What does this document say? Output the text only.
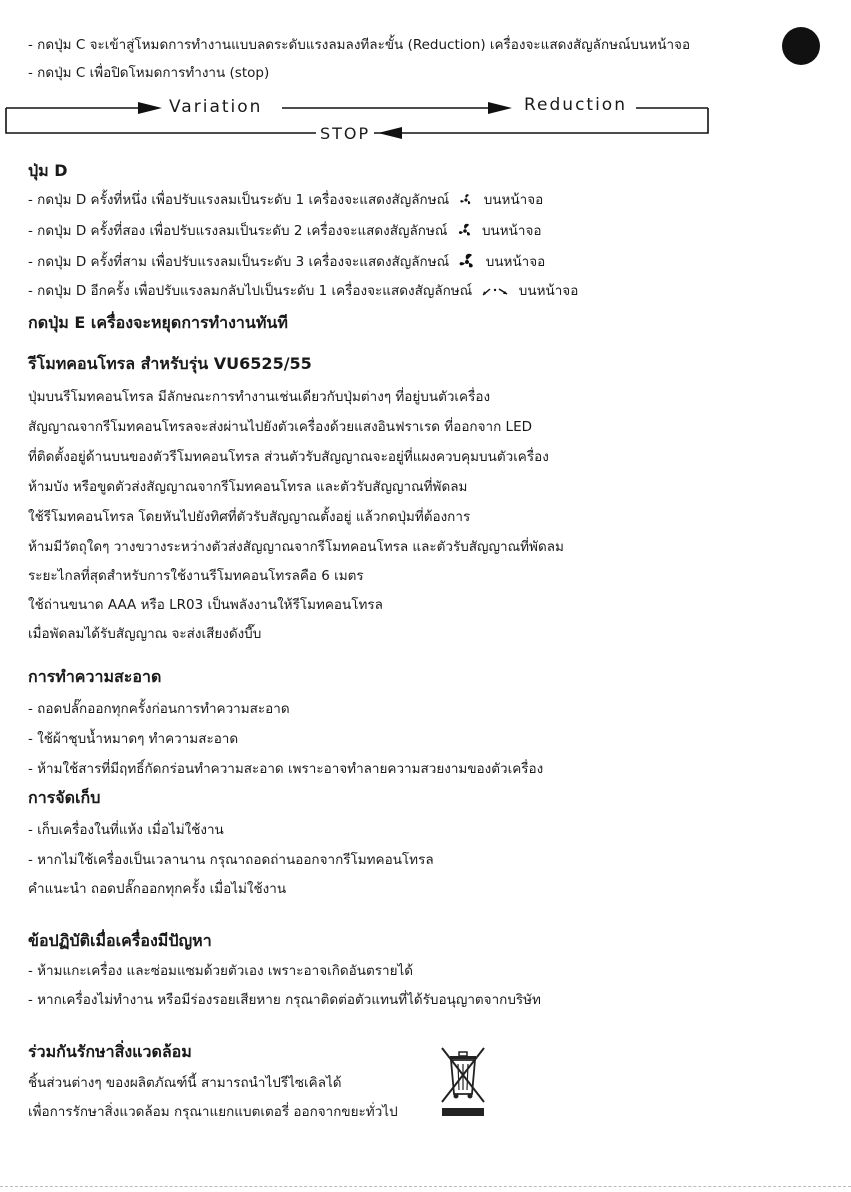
- กดปุ่ม C จะเข้าสู่โหมดการทำงานแบบลดระดับแรงลมลงทีละขั้น (Reduction) เครื่องจะแสดงสัญลักษณ์บนหน้าจอ
- กดปุ่ม C เพื่อปิดโหมดการทำงาน (stop)
Variation	Reduction
STOP
ปุ่ม D
- กดปุ่ม D ครั้งที่หนึ่ง เพื่อปรับแรงลมเป็นระดับ 1 เครื่องจะแสดงสัญลักษณ์	บนหน้าจอ
- กดปุ่ม D ครั้งที่สอง เพื่อปรับแรงลมเป็นระดับ 2 เครื่องจะแสดงสัญลักษณ์	บนหน้าจอ
- กดปุ่ม D ครั้งที่สาม เพื่อปรับแรงลมเป็นระดับ 3 เครื่องจะแสดงสัญลักษณ์	บนหน้าจอ
- กดปุ่ม D อีกครั้ง เพื่อปรับแรงลมกลับไปเป็นระดับ 1 เครื่องจะแสดงสัญลักษณ์	บนหน้าจอ
กดปุ่ม E เครื่องจะหยุดการทำงานทันที
รีโมทคอนโทรล สำหรับรุ่น VU6525/55
ปุ่มบนรีโมทคอนโทรล มีลักษณะการทำงานเช่นเดียวกับปุ่มต่างๆ ที่อยู่บนตัวเครื่อง
สัญญาณจากรีโมทคอนโทรลจะส่งผ่านไปยังตัวเครื่องด้วยแสงอินฟราเรด ที่ออกจาก LED
ที่ติดตั้งอยู่ด้านบนของตัวรีโมทคอนโทรล ส่วนตัวรับสัญญาณจะอยู่ที่แผงควบคุมบนตัวเครื่อง
ห้ามบัง หรือขูดตัวส่งสัญญาณจากรีโมทคอนโทรล และตัวรับสัญญาณที่พัดลม
ใช้รีโมทคอนโทรล โดยหันไปยังทิศที่ตัวรับสัญญาณตั้งอยู่ แล้วกดปุ่มที่ต้องการ
ห้ามมีวัตถุใดๆ วางขวางระหว่างตัวส่งสัญญาณจากรีโมทคอนโทรล และตัวรับสัญญาณที่พัดลม
ระยะไกลที่สุดสำหรับการใช้งานรีโมทคอนโทรลคือ 6 เมตร
ใช้ถ่านขนาด AAA หรือ LR03 เป็นพลังงานให้รีโมทคอนโทรล
เมื่อพัดลมได้รับสัญญาณ จะส่งเสียงดังบี๊บ
การทำความสะอาด
- ถอดปลั๊กออกทุกครั้งก่อนการทำความสะอาด
- ใช้ผ้าชุบน้ำหมาดๆ ทำความสะอาด
- ห้ามใช้สารที่มีฤทธิ์กัดกร่อนทำความสะอาด เพราะอาจทำลายความสวยงามของตัวเครื่อง
การจัดเก็บ
- เก็บเครื่องในที่แห้ง เมื่อไม่ใช้งาน
- หากไม่ใช้เครื่องเป็นเวลานาน กรุณาถอดถ่านออกจากรีโมทคอนโทรล
คำแนะนำ ถอดปลั๊กออกทุกครั้ง เมื่อไม่ใช้งาน
ข้อปฏิบัติเมื่อเครื่องมีปัญหา
- ห้ามแกะเครื่อง และซ่อมแซมด้วยตัวเอง เพราะอาจเกิดอันตรายได้
- หากเครื่องไม่ทำงาน หรือมีร่องรอยเสียหาย กรุณาติดต่อตัวแทนที่ได้รับอนุญาตจากบริษัท
ร่วมกันรักษาสิ่งแวดล้อม
ชิ้นส่วนต่างๆ ของผลิตภัณฑ์นี้ สามารถนำไปรีไซเคิลได้
เพื่อการรักษาสิ่งแวดล้อม กรุณาแยกแบตเตอรี่ ออกจากขยะทั่วไป
